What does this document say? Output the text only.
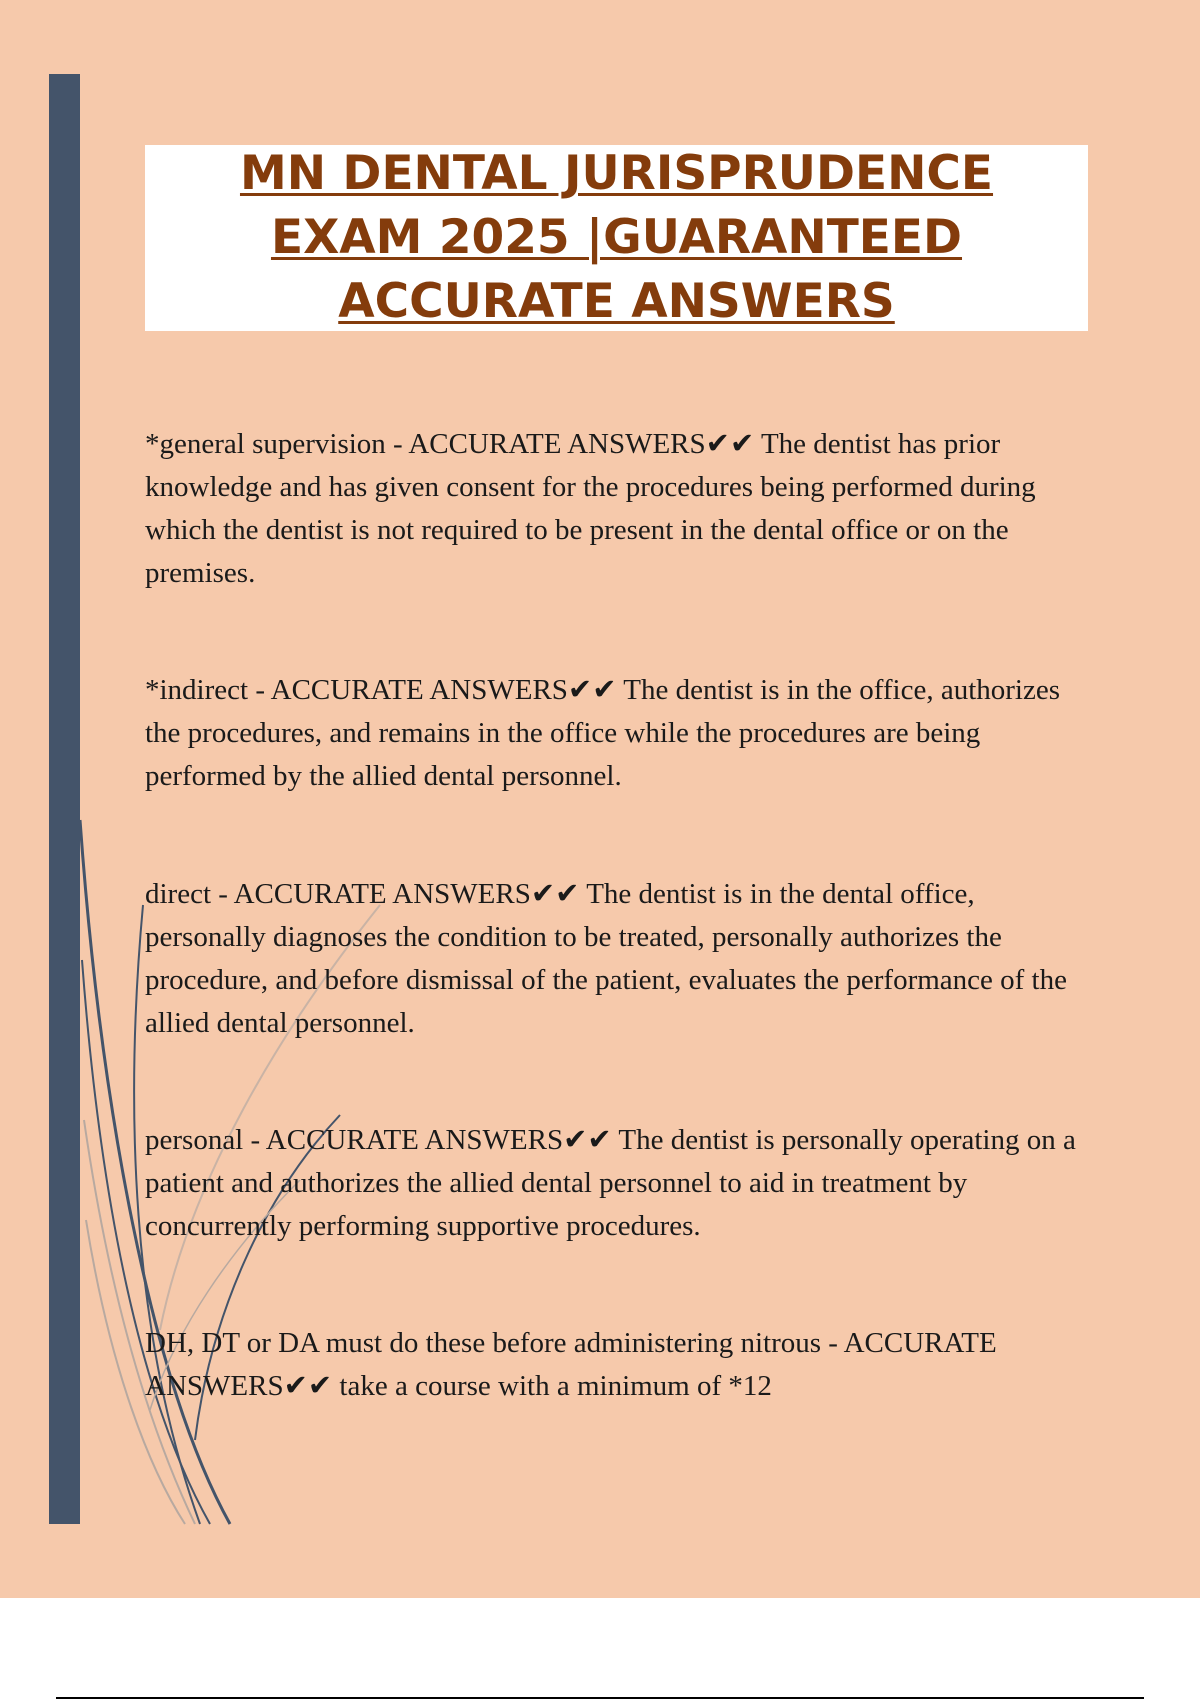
MN DENTAL JURISPRUDENCE
EXAM 2025 |GUARANTEED
ACCURATE ANSWERS

*general supervision - ACCURATE ANSWERS✔✔ The dentist has prior knowledge and has given consent for the procedures being performed during which the dentist is not required to be present in the dental office or on the premises.

*indirect - ACCURATE ANSWERS✔✔ The dentist is in the office, authorizes the procedures, and remains in the office while the procedures are being performed by the allied dental personnel.

direct - ACCURATE ANSWERS✔✔ The dentist is in the dental office, personally diagnoses the condition to be treated, personally authorizes the procedure, and before dismissal of the patient, evaluates the performance of the allied dental personnel.

personal - ACCURATE ANSWERS✔✔ The dentist is personally operating on a patient and authorizes the allied dental personnel to aid in treatment by concurrently performing supportive procedures.

DH, DT or DA must do these before administering nitrous - ACCURATE ANSWERS✔✔ take a course with a minimum of *12
